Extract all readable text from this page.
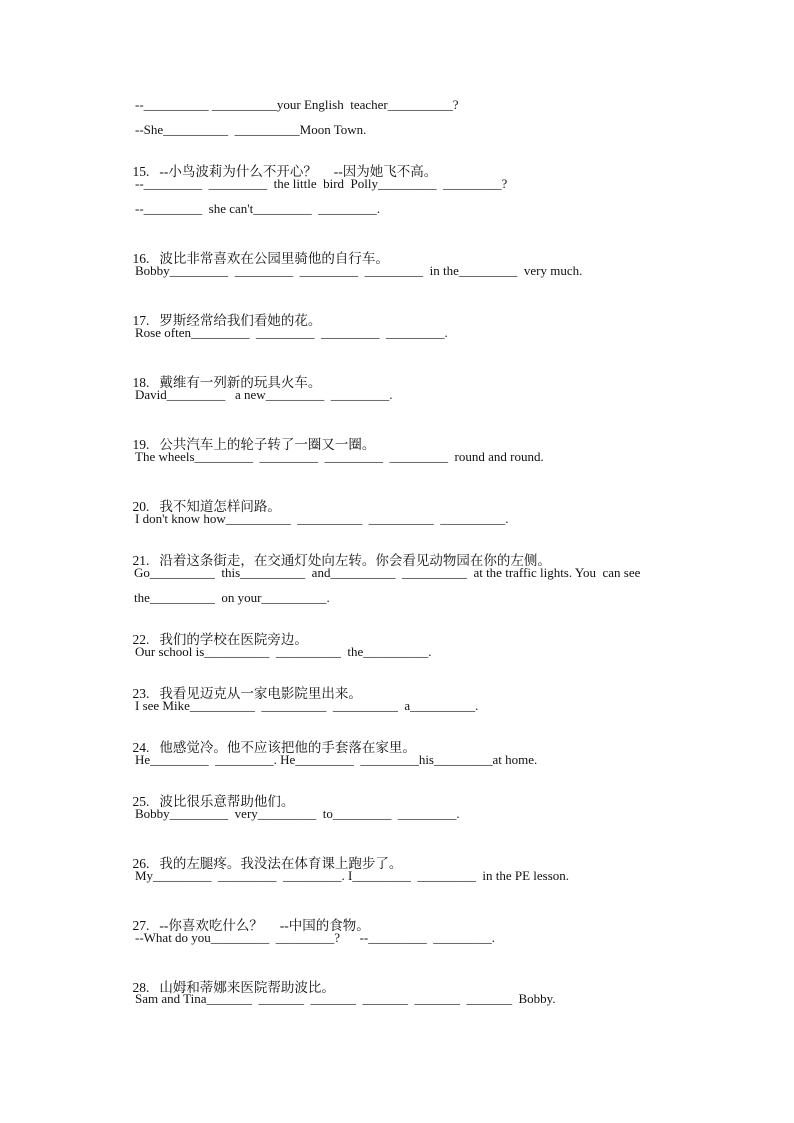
--__________ __________your English  teacher__________?
--She__________  __________Moon Town.

15. --小鸟波莉为什么不开心？     --因为她飞不高。

--_________  _________  the little  bird  Polly_________  _________?
--_________  she can't_________  _________.

16. 波比非常喜欢在公园里骑他的自行车。

Bobby_________  _________  _________  _________  in the_________  very much.

17. 罗斯经常给我们看她的花。

Rose often_________  _________  _________  _________.

18. 戴维有一列新的玩具火车。

David_________   a new_________  _________.

19. 公共汽车上的轮子转了一圈又一圈。

The wheels_________  _________  _________  _________  round and round.

20. 我不知道怎样问路。

I don't know how__________  __________  __________  __________.

21. 沿着这条街走，在交通灯处向左转。你会看见动物园在你的左侧。

Go__________  this__________  and__________  __________  at the traffic lights. You  can see
the__________  on your__________.

22. 我们的学校在医院旁边。

Our school is__________  __________  the__________.

23. 我看见迈克从一家电影院里出来。

I see Mike__________  __________  __________  a__________.

24. 他感觉冷。他不应该把他的手套落在家里。

He_________  _________. He_________  _________his_________at home.

25. 波比很乐意帮助他们。

Bobby_________  very_________  to_________  _________.

26. 我的左腿疼。我没法在体育课上跑步了。

My_________  _________  _________. I_________  _________  in the PE lesson.

27. --你喜欢吃什么？     --中国的食物。

--What do you_________  _________?      --_________  _________.

28. 山姆和蒂娜来医院帮助波比。

Sam and Tina_______  _______  _______  _______  _______  _______  Bobby.
